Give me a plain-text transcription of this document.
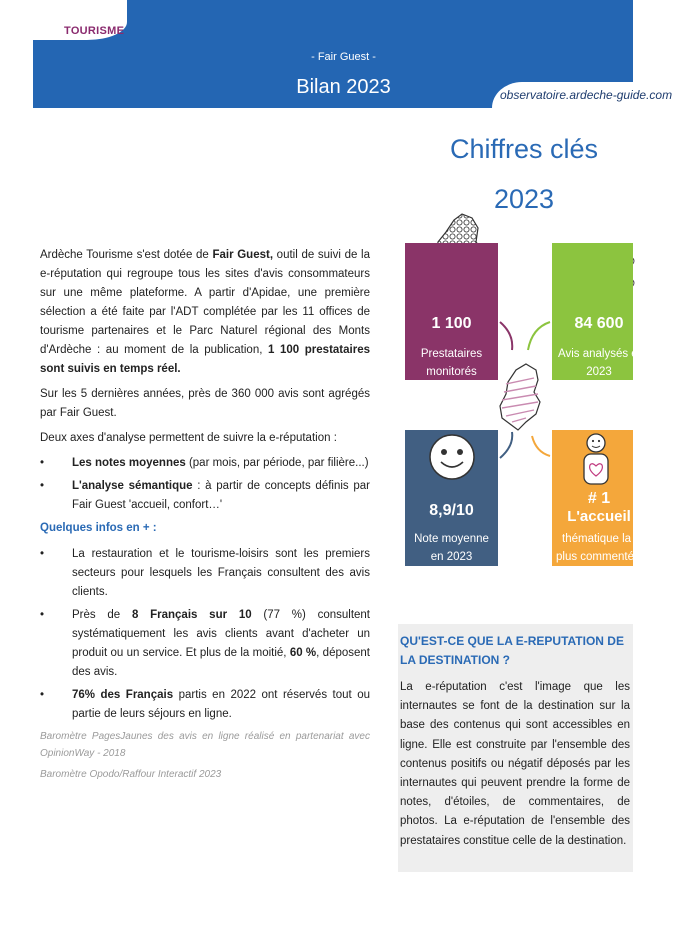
TOURISME
- Fair Guest -
Bilan 2023	observatoire.ardeche-guide.com
Chiffres clés
2023

Ardèche Tourisme s'est dotée de Fair Guest, outil de suivi de la e-réputation qui regroupe tous les sites d'avis consommateurs sur une même plateforme. A partir d'Apidae, une première sélection a été faite par l'ADT complétée par les 11 offices de tourisme partenaires et le Parc Naturel régional des Monts d'Ardèche : au moment de la publication, 1 100 prestataires sont suivis en temps réel.

Sur les 5 dernières années, près de 360 000 avis sont agrégés par Fair Guest.

Deux axes d'analyse permettent de suivre la e-réputation :

• Les notes moyennes (par mois, par période, par filière...)
• L'analyse sémantique : à partir de concepts définis par Fair Guest 'accueil, confort…'
Quelques infos en + :
• La restauration et le tourisme-loisirs sont les premiers secteurs pour lesquels les Français consultent des avis clients.
• Près de 8 Français sur 10 (77 %) consultent systématiquement les avis clients avant d'acheter un produit ou un service. Et plus de la moitié, 60 %, déposent des avis.
• 76% des Français partis en 2022 ont réservés tout ou partie de leurs séjours en ligne.
Baromètre PagesJaunes des avis en ligne réalisé en partenariat avec OpinionWay - 2018
Baromètre Opodo/Raffour Interactif 2023
1 100
Prestataires
monitorés
84 600
Avis analysés en
2023
8,9/10
Note moyenne
en 2023
# 1
L'accueil
thématique la
plus commentée
QU'EST-CE QUE LA E-REPUTATION DE LA DESTINATION ?
La e-réputation c'est l'image que les internautes se font de la destination sur la base des contenus qui sont accessibles en ligne. Elle est construite par l'ensemble des contenus positifs ou négatif déposés par les internautes qui peuvent prendre la forme de notes, d'étoiles, de commentaires, de photos. La e-réputation de l'ensemble des prestataires constitue celle de la destination.
